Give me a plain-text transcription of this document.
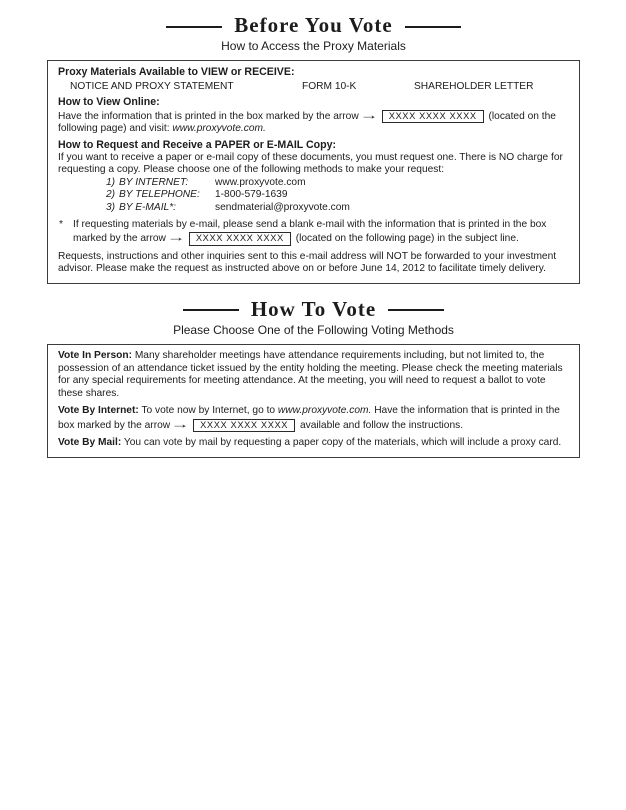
Before You Vote
How to Access the Proxy Materials

Proxy Materials Available to VIEW or RECEIVE:

NOTICE AND PROXY STATEMENT	FORM 10-K	SHAREHOLDER LETTER

How to View Online:

Have the information that is printed in the box marked by the arrow→ XXXX XXXX XXXX (located on the following page) and visit: www.proxyvote.com.

How to Request and Receive a PAPER or E-MAIL Copy:

If you want to receive a paper or e-mail copy of these documents, you must request one. There is NO charge for requesting a copy. Please choose one of the following methods to make your request:

1) BY INTERNET:	www.proxyvote.com
2) BY TELEPHONE: 1-800-579-1639
3) BY E-MAIL*:	sendmaterial@proxyvote.com

* If requesting materials by e-mail, please send a blank e-mail with the information that is printed in the box marked by the arrow→ XXXX XXXX XXXX (located on the following page) in the subject line.

Requests, instructions and other inquiries sent to this e-mail address will NOT be forwarded to your investment advisor. Please make the request as instructed above on or before June 14, 2012 to facilitate timely delivery.

How To Vote
Please Choose One of the Following Voting Methods

Vote In Person: Many shareholder meetings have attendance requirements including, but not limited to, the possession of an attendance ticket issued by the entity holding the meeting. Please check the meeting materials for any special requirements for meeting attendance. At the meeting, you will need to request a ballot to vote these shares.

Vote By Internet: To vote now by Internet, go to www.proxyvote.com. Have the information that is printed in the box marked by the arrow→ XXXX XXXX XXXX available and follow the instructions.

Vote By Mail: You can vote by mail by requesting a paper copy of the materials, which will include a proxy card.
